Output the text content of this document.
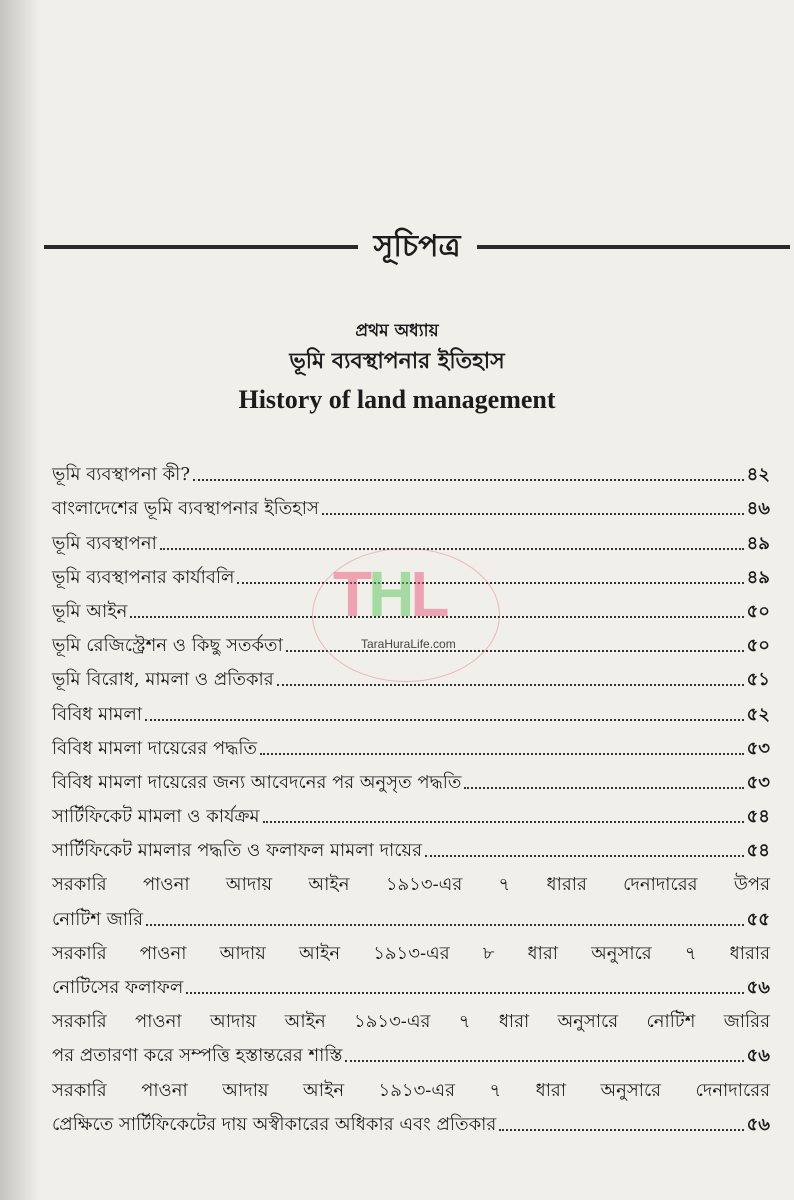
সূচিপত্র
প্রথম অধ্যায়
ভূমি ব্যবস্থাপনার ইতিহাস
History of land management
ভূমি ব্যবস্থাপনা কী?	৪২
বাংলাদেশের ভূমি ব্যবস্থাপনার ইতিহাস	৪৬
ভূমি ব্যবস্থাপনা	৪৯
ভূমি ব্যবস্থাপনার কার্যাবলি	৪৯
ভূমি আইন	৫০
ভূমি রেজিস্ট্রেশন ও কিছু সতর্কতা	৫০
ভূমি বিরোধ, মামলা ও প্রতিকার	৫১
বিবিধ মামলা	৫২
বিবিধ মামলা দায়েরের পদ্ধতি	৫৩
বিবিধ মামলা দায়েরের জন্য আবেদনের পর অনুসৃত পদ্ধতি	৫৩
সার্টিফিকেট মামলা ও কার্যক্রম	৫৪
সার্টিফিকেট মামলার পদ্ধতি ও ফলাফল মামলা দায়ের	৫৪
সরকারি পাওনা আদায় আইন ১৯১৩-এর ৭ ধারার দেনাদারের উপর
নোটিশ জারি	৫৫
সরকারি পাওনা আদায় আইন ১৯১৩-এর ৮ ধারা অনুসারে ৭ ধারার
নোটিসের ফলাফল	৫৬
সরকারি পাওনা আদায় আইন ১৯১৩-এর ৭ ধারা অনুসারে নোটিশ জারির
পর প্রতারণা করে সম্পত্তি হস্তান্তরের শাস্তি	৫৬
সরকারি পাওনা আদায় আইন ১৯১৩-এর ৭ ধারা অনুসারে দেনাদারের
প্রেক্ষিতে সার্টিফিকেটের দায় অস্বীকারের অধিকার এবং প্রতিকার	৫৬
THL
TaraHuraLife.com
